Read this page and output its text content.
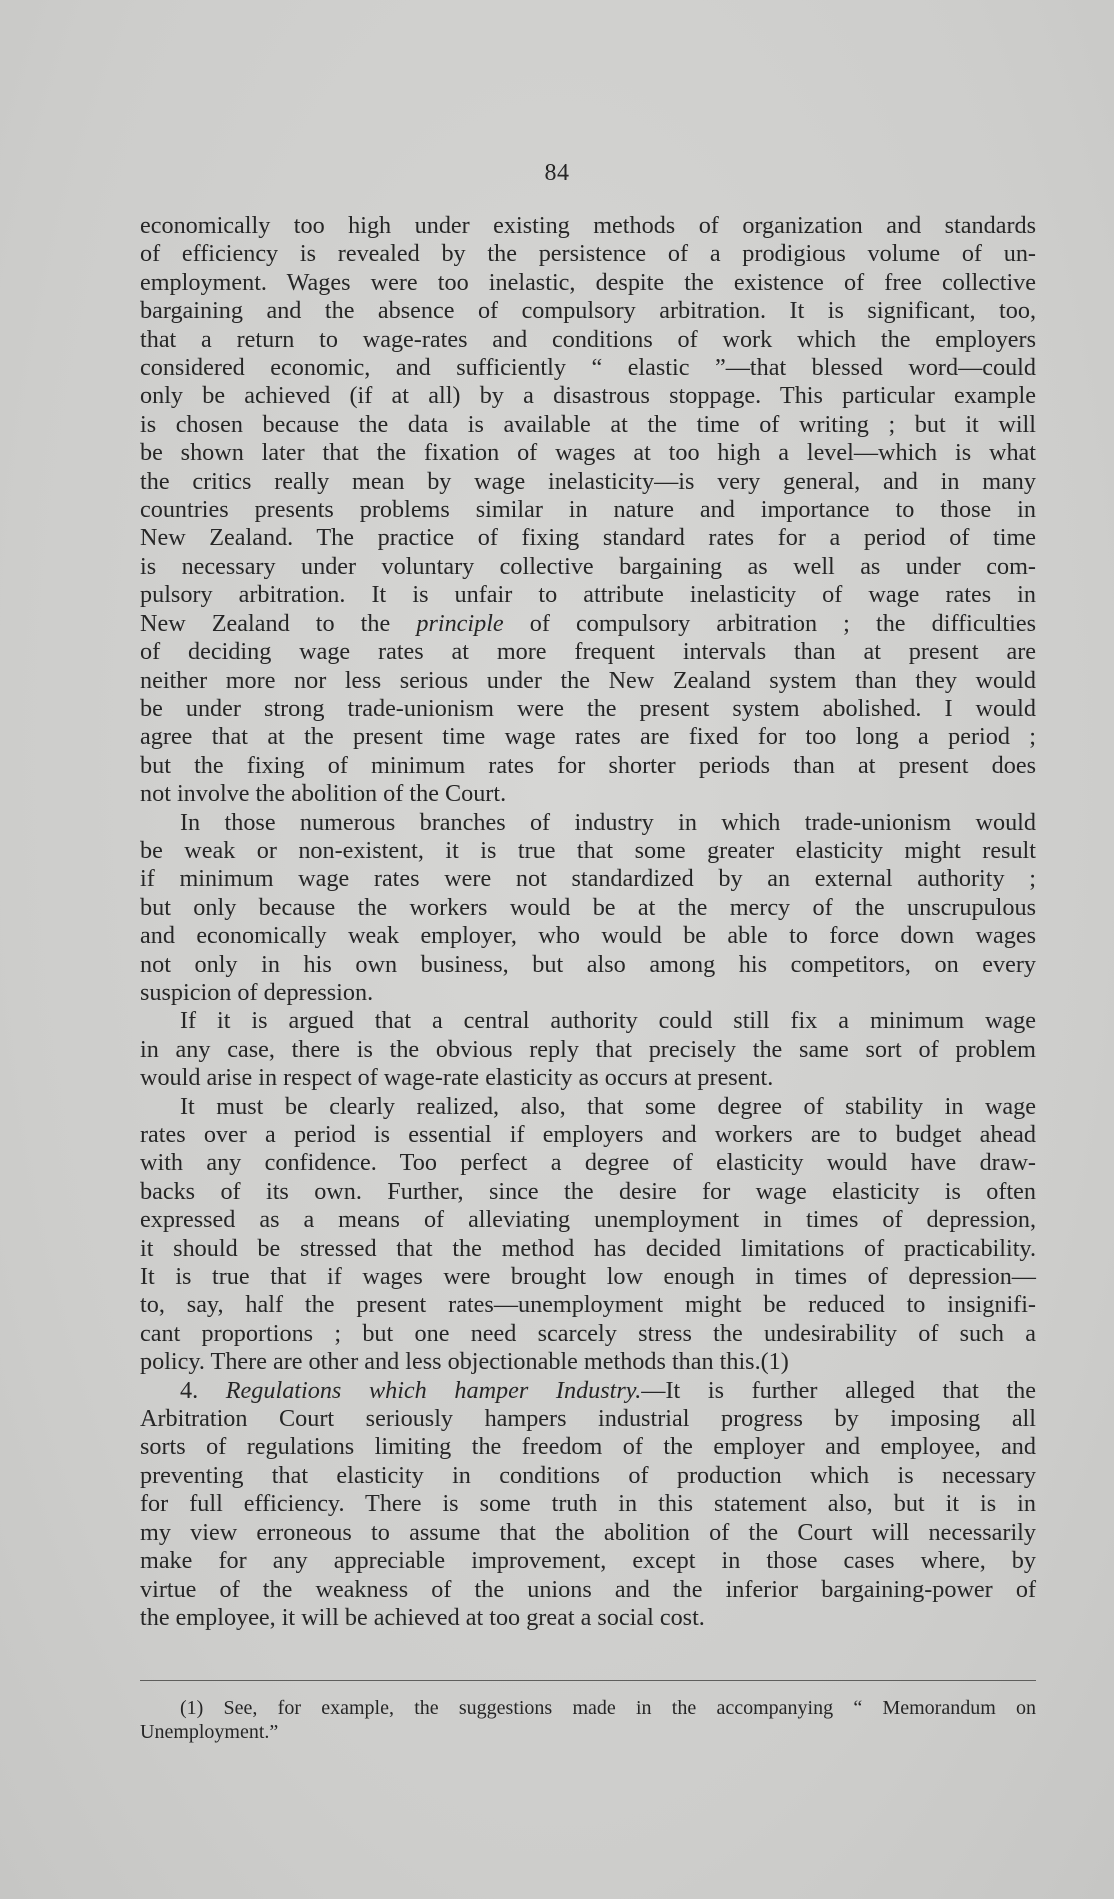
84

economically too high under existing methods of organization and standards
of efficiency is revealed by the persistence of a prodigious volume of un-
employment. Wages were too inelastic, despite the existence of free collective
bargaining and the absence of compulsory arbitration. It is significant, too,
that a return to wage-rates and conditions of work which the employers
considered economic, and sufficiently “ elastic ”—that blessed word—could
only be achieved (if at all) by a disastrous stoppage. This particular example
is chosen because the data is available at the time of writing ; but it will
be shown later that the fixation of wages at too high a level—which is what
the critics really mean by wage inelasticity—is very general, and in many
countries presents problems similar in nature and importance to those in
New Zealand. The practice of fixing standard rates for a period of time
is necessary under voluntary collective bargaining as well as under com-
pulsory arbitration. It is unfair to attribute inelasticity of wage rates in
New Zealand to the principle of compulsory arbitration ; the difficulties
of deciding wage rates at more frequent intervals than at present are
neither more nor less serious under the New Zealand system than they would
be under strong trade-unionism were the present system abolished. I would
agree that at the present time wage rates are fixed for too long a period ;
but the fixing of minimum rates for shorter periods than at present does
not involve the abolition of the Court.

In those numerous branches of industry in which trade-unionism would
be weak or non-existent, it is true that some greater elasticity might result
if minimum wage rates were not standardized by an external authority ;
but only because the workers would be at the mercy of the unscrupulous
and economically weak employer, who would be able to force down wages
not only in his own business, but also among his competitors, on every
suspicion of depression.

If it is argued that a central authority could still fix a minimum wage
in any case, there is the obvious reply that precisely the same sort of problem
would arise in respect of wage-rate elasticity as occurs at present.

It must be clearly realized, also, that some degree of stability in wage
rates over a period is essential if employers and workers are to budget ahead
with any confidence. Too perfect a degree of elasticity would have draw-
backs of its own. Further, since the desire for wage elasticity is often
expressed as a means of alleviating unemployment in times of depression,
it should be stressed that the method has decided limitations of practicability.
It is true that if wages were brought low enough in times of depression—
to, say, half the present rates—unemployment might be reduced to insignifi-
cant proportions ; but one need scarcely stress the undesirability of such a
policy. There are other and less objectionable methods than this.(1)

4. Regulations which hamper Industry.—It is further alleged that the
Arbitration Court seriously hampers industrial progress by imposing all
sorts of regulations limiting the freedom of the employer and employee, and
preventing that elasticity in conditions of production which is necessary
for full efficiency. There is some truth in this statement also, but it is in
my view erroneous to assume that the abolition of the Court will necessarily
make for any appreciable improvement, except in those cases where, by
virtue of the weakness of the unions and the inferior bargaining-power of
the employee, it will be achieved at too great a social cost.

(1) See, for example, the suggestions made in the accompanying “ Memorandum on
Unemployment.”
